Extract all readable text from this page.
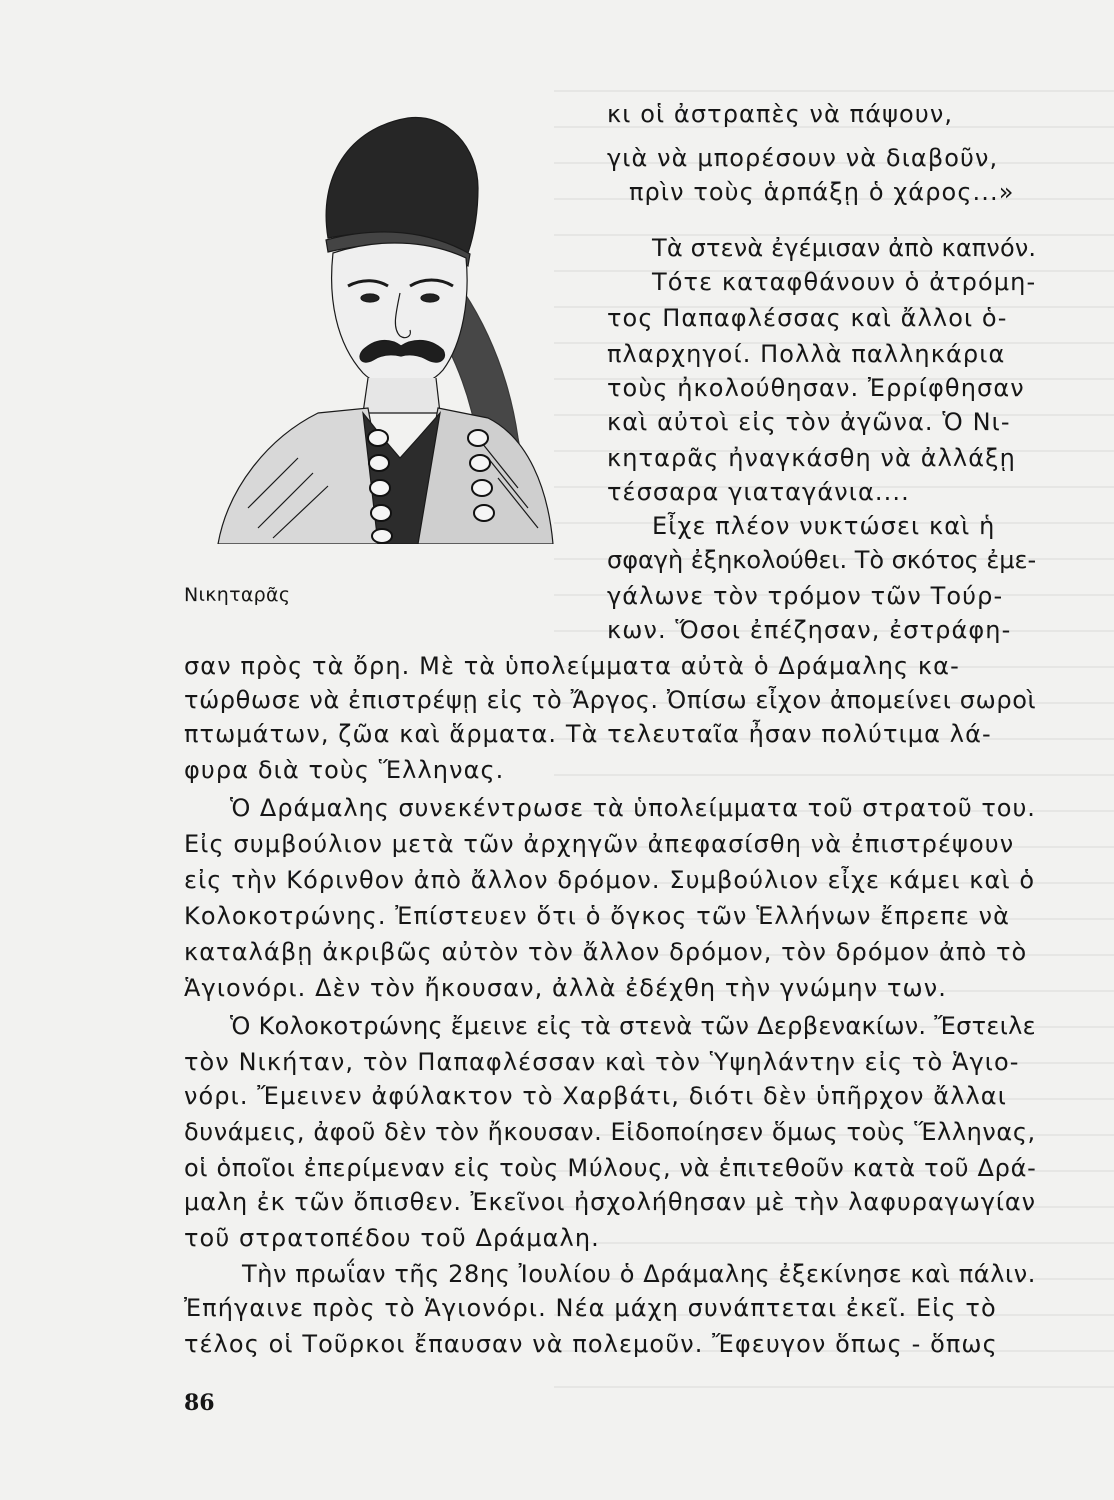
Νικηταρᾶς
κι οἱ ἀστραπὲς νὰ πάψουν,
γιὰ νὰ μπορέσουν νὰ διαβοῦν,
πρὶν τοὺς ἁρπάξῃ ὁ χάρος...»
Τὰ στενὰ ἐγέμισαν ἀπὸ καπνόν.
Τότε καταφθάνουν ὁ ἀτρόμη-
τος Παπαφλέσσας καὶ ἄλλοι ὁ-
πλαρχηγοί. Πολλὰ παλληκάρια
τοὺς ἠκολούθησαν. Ἐρρίφθησαν
καὶ αὐτοὶ εἰς τὸν ἀγῶνα. Ὁ Νι-
κηταρᾶς ἠναγκάσθη νὰ ἀλλάξῃ
τέσσαρα γιαταγάνια....
Εἶχε πλέον νυκτώσει καὶ ἡ
σφαγὴ ἐξηκολούθει. Τὸ σκότος ἐμε-
γάλωνε τὸν τρόμον τῶν Τούρ-
κων. Ὅσοι ἐπέζησαν, ἐστράφη-
σαν πρὸς τὰ ὄρη. Μὲ τὰ ὑπολείμματα αὐτὰ ὁ Δράμαλης κα-
τώρθωσε νὰ ἐπιστρέψῃ εἰς τὸ Ἄργος. Ὀπίσω εἶχον ἀπομείνει σωροὶ
πτωμάτων, ζῶα καὶ ἅρματα. Τὰ τελευταῖα ἦσαν πολύτιμα λά-
φυρα διὰ τοὺς Ἕλληνας.
Ὁ Δράμαλης συνεκέντρωσε τὰ ὑπολείμματα τοῦ στρατοῦ του.
Εἰς συμβούλιον μετὰ τῶν ἀρχηγῶν ἀπεφασίσθη νὰ ἐπιστρέψουν
εἰς τὴν Κόρινθον ἀπὸ ἄλλον δρόμον. Συμβούλιον εἶχε κάμει καὶ ὁ
Κολοκοτρώνης. Ἐπίστευεν ὅτι ὁ ὄγκος τῶν Ἑλλήνων ἔπρεπε νὰ
καταλάβῃ ἀκριβῶς αὐτὸν τὸν ἄλλον δρόμον, τὸν δρόμον ἀπὸ τὸ
Ἁγιονόρι. Δὲν τὸν ἤκουσαν, ἀλλὰ ἐδέχθη τὴν γνώμην των.
Ὁ Κολοκοτρώνης ἔμεινε εἰς τὰ στενὰ τῶν Δερβενακίων. Ἔστειλε
τὸν Νικήταν, τὸν Παπαφλέσσαν καὶ τὸν Ὑψηλάντην εἰς τὸ Ἁγιο-
νόρι. Ἔμεινεν ἀφύλακτον τὸ Χαρβάτι, διότι δὲν ὑπῆρχον ἄλλαι
δυνάμεις, ἀφοῦ δὲν τὸν ἤκουσαν. Εἰδοποίησεν ὅμως τοὺς Ἕλληνας,
οἱ ὁποῖοι ἐπερίμεναν εἰς τοὺς Μύλους, νὰ ἐπιτεθοῦν κατὰ τοῦ Δρά-
μαλη ἐκ τῶν ὄπισθεν. Ἐκεῖνοι ἠσχολήθησαν μὲ τὴν λαφυραγωγίαν
τοῦ στρατοπέδου τοῦ Δράμαλη.
Τὴν πρωΐαν τῆς 28ης Ἰουλίου ὁ Δράμαλης ἐξεκίνησε καὶ πάλιν.
Ἐπήγαινε πρὸς τὸ Ἁγιονόρι. Νέα μάχη συνάπτεται ἐκεῖ. Εἰς τὸ
τέλος οἱ Τοῦρκοι ἔπαυσαν νὰ πολεμοῦν. Ἔφευγον ὅπως - ὅπως
86
